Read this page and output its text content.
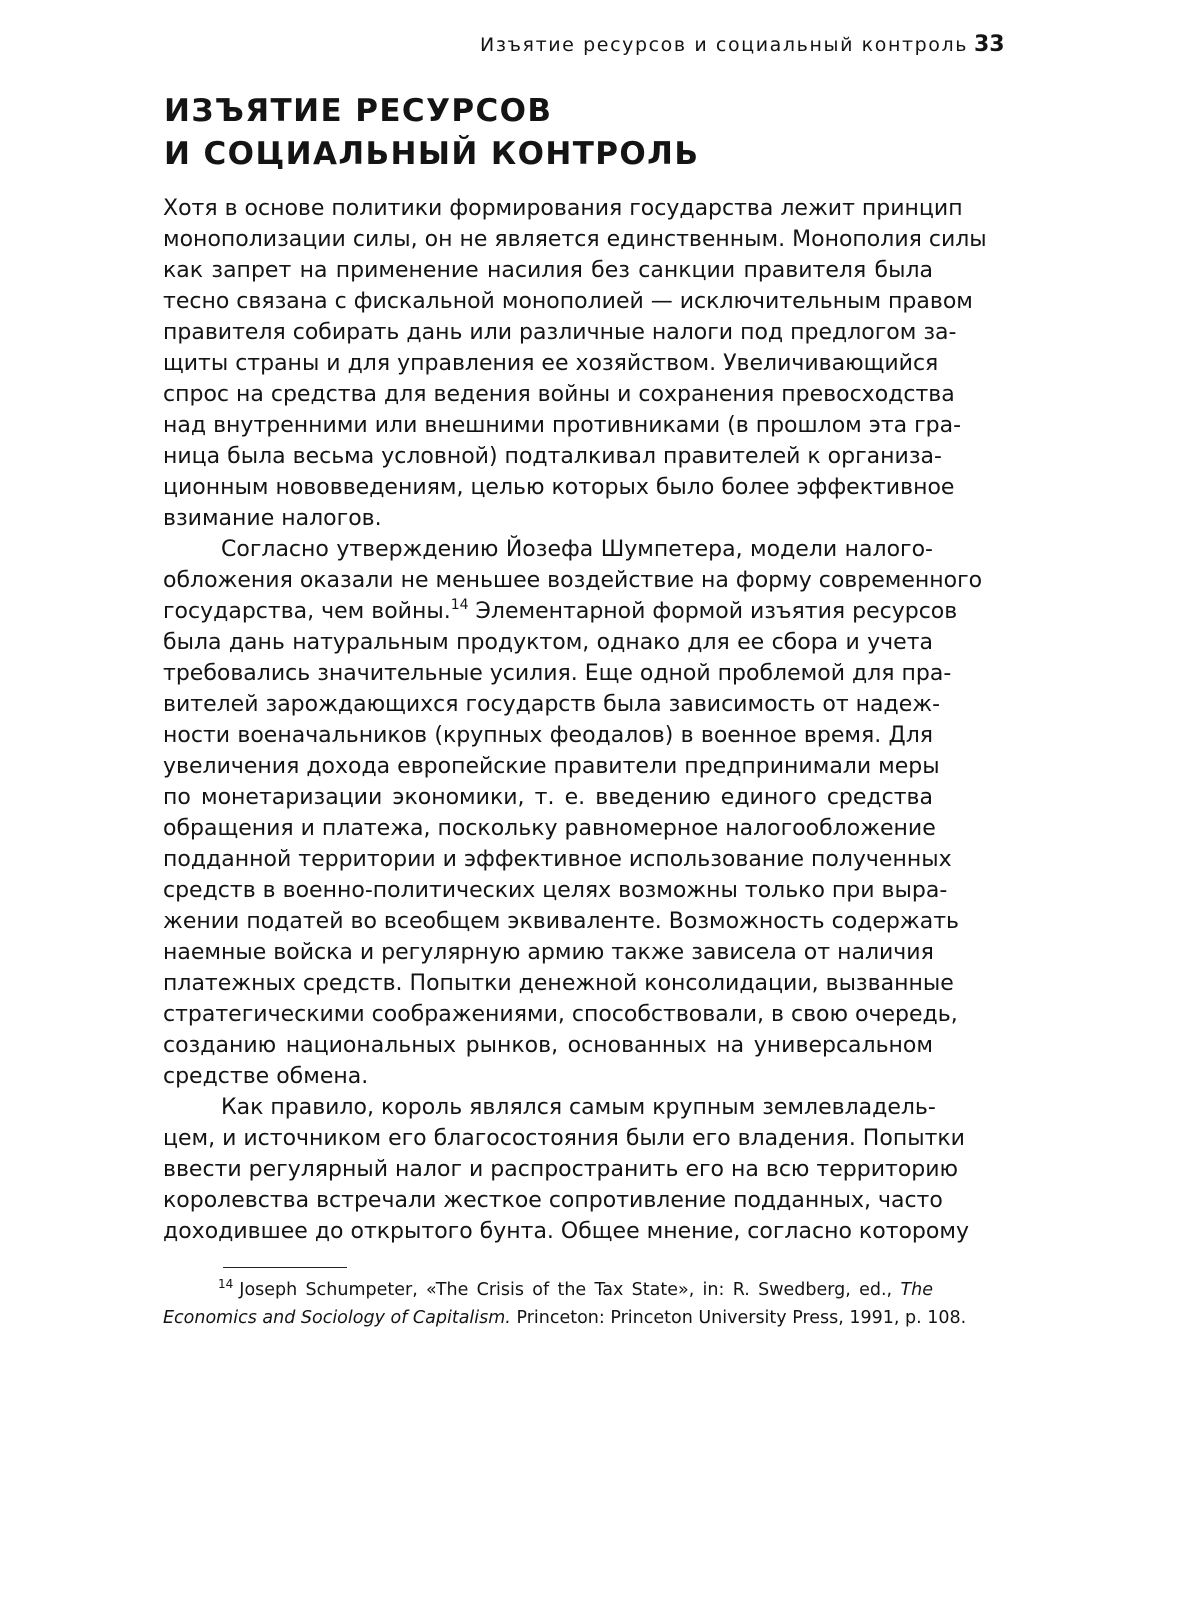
Изъятие ресурсов и социальный контроль 33
ИЗЪЯТИЕ РЕСУРСОВ
И СОЦИАЛЬНЫЙ КОНТРОЛЬ

Хотя в основе политики формирования государства лежит принцип
монополизации силы, он не является единственным. Монополия силы
как запрет на применение насилия без санкции правителя была
тесно связана с фискальной монополией — исключительным правом
правителя собирать дань или различные налоги под предлогом за-
щиты страны и для управления ее хозяйством. Увеличивающийся
спрос на средства для ведения войны и сохранения превосходства
над внутренними или внешними противниками (в прошлом эта гра-
ница была весьма условной) подталкивал правителей к организа-
ционным нововведениям, целью которых было более эффективное
взимание налогов.

Согласно утверждению Йозефа Шумпетера, модели налого-
обложения оказали не меньшее воздействие на форму современного
государства, чем войны.$^{14}$ Элементарной формой изъятия ресурсов
была дань натуральным продуктом, однако для ее сбора и учета
требовались значительные усилия. Еще одной проблемой для пра-
вителей зарождающихся государств была зависимость от надеж-
ности военачальников (крупных феодалов) в военное время. Для
увеличения дохода европейские правители предпринимали меры
по монетаризации экономики, т. е. введению единого средства
обращения и платежа, поскольку равномерное налогообложение
подданной территории и эффективное использование полученных
средств в военно-политических целях возможны только при выра-
жении податей во всеобщем эквиваленте. Возможность содержать
наемные войска и регулярную армию также зависела от наличия
платежных средств. Попытки денежной консолидации, вызванные
стратегическими соображениями, способствовали, в свою очередь,
созданию национальных рынков, основанных на универсальном
средстве обмена.

Как правило, король являлся самым крупным землевладель-
цем, и источником его благосостояния были его владения. Попытки
ввести регулярный налог и распространить его на всю территорию
королевства встречали жесткое сопротивление подданных, часто
доходившее до открытого бунта. Общее мнение, согласно которому

$^{14}$ Joseph Schumpeter, «The Crisis of the Tax State», in: R. Swedberg, ed., The
Economics and Sociology of Capitalism. Princeton: Princeton University Press, 1991, p. 108.
